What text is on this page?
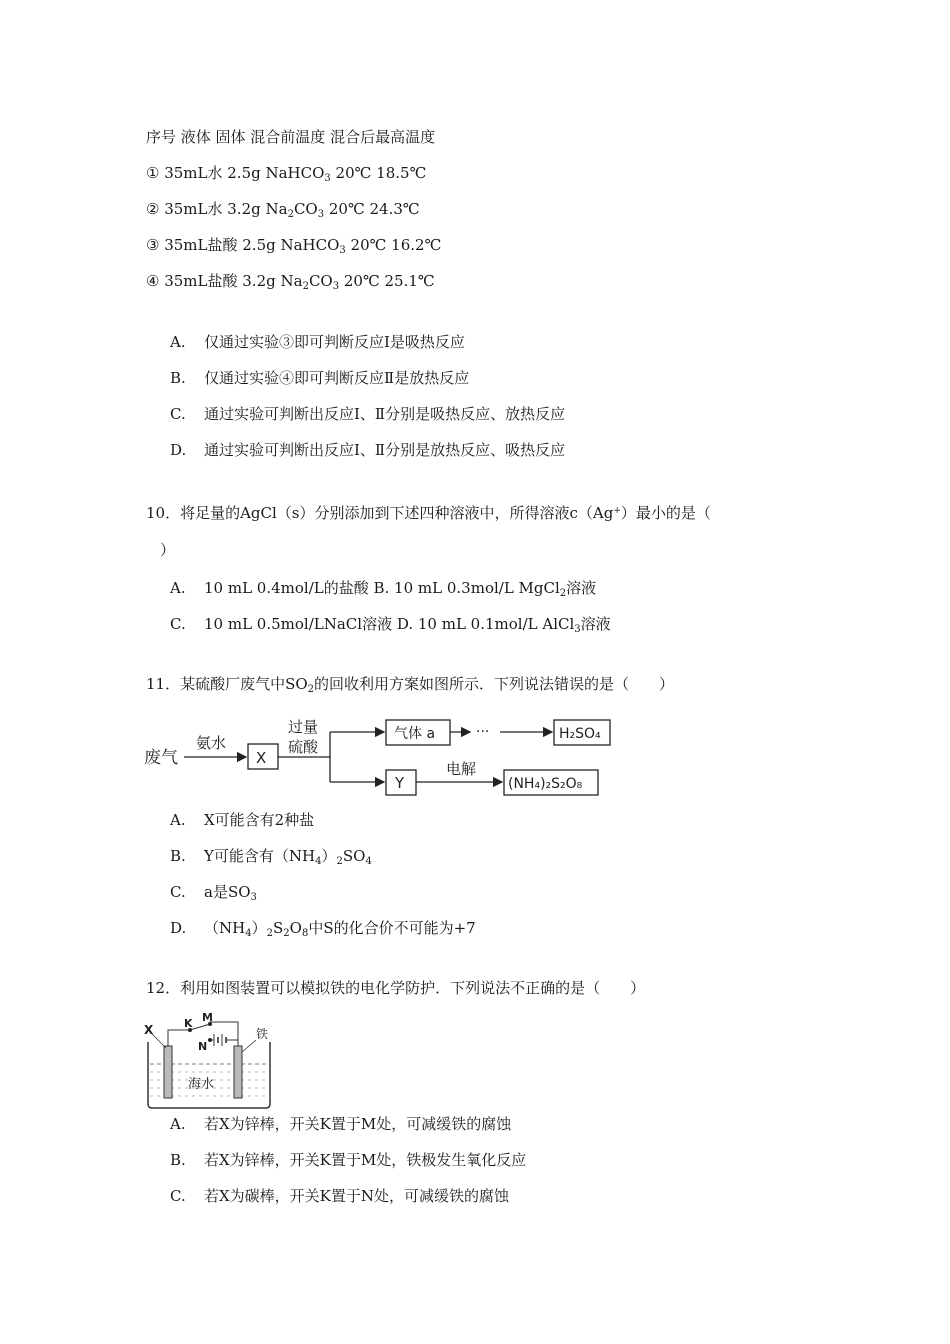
序号 液体 固体 混合前温度 混合后最高温度
① 35mL水 2.5g NaHCO$_3$ 20℃ 18.5℃
② 35mL水 3.2g $Na_2CO_3$ 20℃ 24.3℃
③ 35mL盐酸 2.5g NaHCO$_3$ 20℃ 16.2℃
④ 35mL盐酸 3.2g $Na_2CO_3$ 20℃ 25.1℃
A. 仅通过实验③即可判断反应Ⅰ是吸热反应
B. 仅通过实验④即可判断反应Ⅱ是放热反应
C. 通过实验可判断出反应Ⅰ、Ⅱ分别是吸热反应、放热反应
D. 通过实验可判断出反应Ⅰ、Ⅱ分别是放热反应、吸热反应
10．将足量的AgCl（s）分别添加到下述四种溶液中，所得溶液c（Ag+）最小的是（
）
A. 10 mL 0.4mol/L的盐酸 B. 10 mL 0.3mol/L MgCl$_2$溶液
C. 10 mL 0.5mol/LNaCl溶液 D. 10 mL 0.1mol/L AlCl$_3$溶液
11．某硫酸厂废气中$SO_2$的回收利用方案如图所示．下列说法错误的是（　　）
废气
氨水
X
过量
硫酸
气体 a	···	H₂SO₄
Y
电解
(NH₄)₂S₂O₈
A. X可能含有2种盐
B. Y可能含有$(NH_4)_2SO_4$
C. a是$SO_3$
D. $(NH_4)_2S_2O_8$中S的化合价不可能为+7
12．利用如图装置可以模拟铁的电化学防护．下列说法不正确的是（　　）
X	K M
N
铁
海水
A. 若X为锌棒，开关K置于M处，可减缓铁的腐蚀
B. 若X为锌棒，开关K置于M处，铁极发生氧化反应
C. 若X为碳棒，开关K置于N处，可减缓铁的腐蚀
